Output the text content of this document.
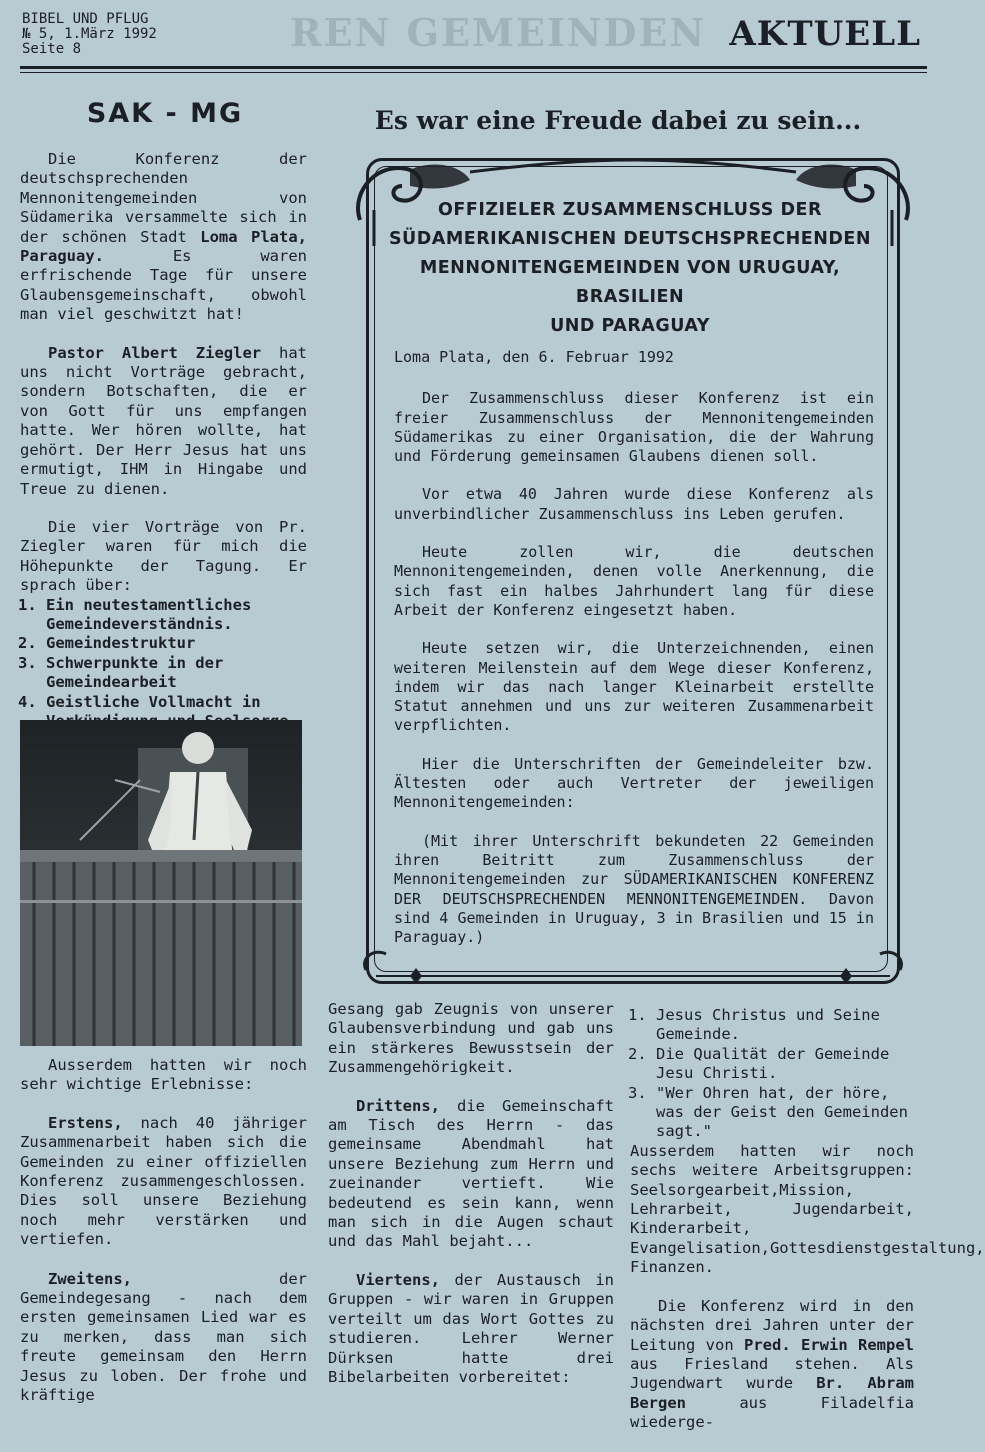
BIBEL UND PFLUG
№ 5, 1.März 1992
Seite 8	REN GEMEINDEN AKTUELL
SAK - MG

Die Konferenz der deutschsprechenden Mennonitengemeinden von Südamerika versammelte sich in der schönen Stadt Loma Plata, Paraguay. Es waren erfrischende Tage für unsere Glaubensgemeinschaft, obwohl man viel geschwitzt hat!

Pastor Albert Ziegler hat uns nicht Vorträge gebracht, sondern Botschaften, die er von Gott für uns empfangen hatte. Wer hören wollte, hat gehört. Der Herr Jesus hat uns ermutigt, IHM in Hingabe und Treue zu dienen.

Die vier Vorträge von Pr. Ziegler waren für mich die Höhepunkte der Tagung. Er sprach über:

1. Ein neutestamentliches Gemeindeverständnis.
2. Gemeindestruktur
3. Schwerpunkte in der Gemeindearbeit
4. Geistliche Vollmacht in

Ausserdem hatten wir noch sehr wichtige Erlebnisse:

Erstens, nach 40 jähriger Zusammenarbeit haben sich die Gemeinden zu einer offiziellen Konferenz zusammengeschlossen. Dies soll unsere Beziehung noch mehr verstärken und vertiefen.

Zweitens, der Gemeindegesang - nach dem ersten gemeinsamen Lied war es zu merken, dass man sich freute gemeinsam den Herrn Jesus zu loben. Der frohe und kräftige

Es war eine Freude dabei zu sein...
OFFIZIELER ZUSAMMENSCHLUSS DER
SÜDAMERIKANISCHEN DEUTSCHSPRECHENDEN
MENNONITENGEMEINDEN VON URUGUAY, BRASILIEN
UND PARAGUAY

Loma Plata, den 6. Februar 1992

Der Zusammenschluss dieser Konferenz ist ein freier Zusammenschluss der Mennonitengemeinden Südamerikas zu einer Organisation, die der Wahrung und Förderung gemeinsamen Glaubens dienen soll.

Vor etwa 40 Jahren wurde diese Konferenz als unverbindlicher Zusammenschluss ins Leben gerufen.

Heute zollen wir, die deutschen Mennonitengemeinden, denen volle Anerkennung, die sich fast ein halbes Jahrhundert lang für diese Arbeit der Konferenz eingesetzt haben.

Heute setzen wir, die Unterzeichnenden, einen weiteren Meilenstein auf dem Wege dieser Konferenz, indem wir das nach langer Kleinarbeit erstellte Statut annehmen und uns zur weiteren Zusammenarbeit verpflichten.

Hier die Unterschriften der Gemeindeleiter bzw. Ältesten oder auch Vertreter der jeweiligen Mennonitengemeinden:

(Mit ihrer Unterschrift bekundeten 22 Gemeinden ihren Beitritt zum Zusammenschluss der Mennonitengemeinden zur SÜDAMERIKANISCHEN KONFERENZ DER DEUTSCHSPRECHENDEN MENNONITENGEMEINDEN. Davon sind 4 Gemeinden in Uruguay, 3 in Brasilien und 15 in Paraguay.)

Gesang gab Zeugnis von unserer Glaubensverbindung und gab uns ein stärkeres Bewusstsein der Zusammengehörigkeit.

Drittens, die Gemeinschaft am Tisch des Herrn - das gemeinsame Abendmahl hat unsere Beziehung zum Herrn und zueinander vertieft. Wie bedeutend es sein kann, wenn man sich in die Augen schaut und das Mahl bejaht...

Viertens, der Austausch in Gruppen - wir waren in Gruppen verteilt um das Wort Gottes zu studieren. Lehrer Werner Dürksen hatte drei Bibelarbeiten vorbereitet:

1. Jesus Christus und Seine Gemeinde.
2. Die Qualität der Gemeinde Jesu Christi.
3. "Wer Ohren hat, der höre, was der Geist den Gemeinden sagt."

Ausserdem hatten wir noch sechs weitere Arbeitsgruppen: Seelsorgearbeit,Mission, Lehrarbeit, Jugendarbeit, Kinderarbeit, Evangelisation,Gottesdienstgestaltung, Finanzen.

Die Konferenz wird in den nächsten drei Jahren unter der Leitung von Pred. Erwin Rempel aus Friesland stehen. Als Jugendwart wurde Br. Abram Bergen aus Filadelfia wiederge-
